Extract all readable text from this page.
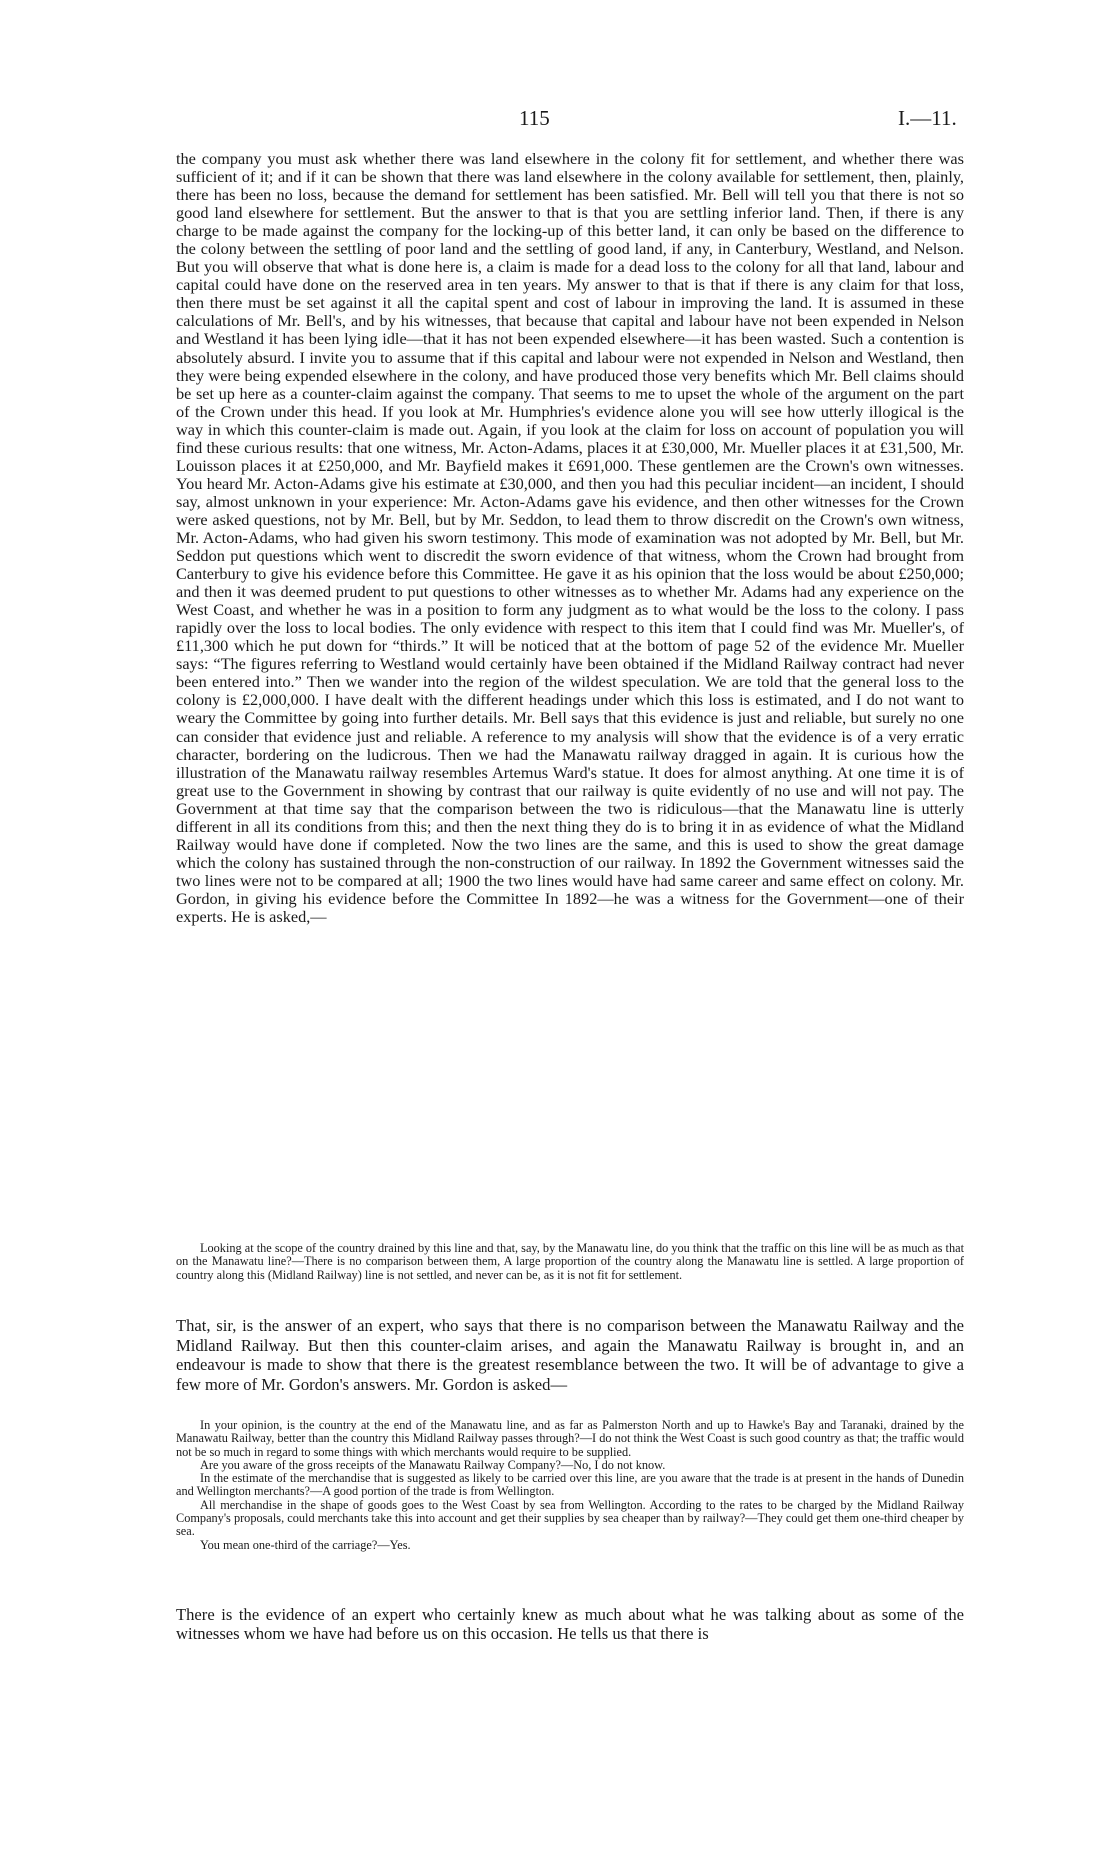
115	I.—11.

the company you must ask whether there was land elsewhere in the colony fit for settlement, and whether there was sufficient of it; and if it can be shown that there was land elsewhere in the colony available for settlement, then, plainly, there has been no loss, because the demand for settlement has been satisfied. Mr. Bell will tell you that there is not so good land elsewhere for settlement. But the answer to that is that you are settling inferior land. Then, if there is any charge to be made against the company for the locking-up of this better land, it can only be based on the difference to the colony between the settling of poor land and the settling of good land, if any, in Canterbury, Westland, and Nelson. But you will observe that what is done here is, a claim is made for a dead loss to the colony for all that land, labour and capital could have done on the reserved area in ten years. My answer to that is that if there is any claim for that loss, then there must be set against it all the capital spent and cost of labour in improving the land. It is assumed in these calculations of Mr. Bell's, and by his witnesses, that because that capital and labour have not been expended in Nelson and Westland it has been lying idle—that it has not been expended elsewhere—it has been wasted. Such a contention is absolutely absurd. I invite you to assume that if this capital and labour were not expended in Nelson and Westland, then they were being expended elsewhere in the colony, and have produced those very benefits which Mr. Bell claims should be set up here as a counter-claim against the company. That seems to me to upset the whole of the argument on the part of the Crown under this head. If you look at Mr. Humphries's evidence alone you will see how utterly illogical is the way in which this counter-claim is made out. Again, if you look at the claim for loss on account of population you will find these curious results: that one witness, Mr. Acton-Adams, places it at £30,000, Mr. Mueller places it at £31,500, Mr. Louisson places it at £250,000, and Mr. Bayfield makes it £691,000. These gentlemen are the Crown's own witnesses. You heard Mr. Acton-Adams give his estimate at £30,000, and then you had this peculiar incident—an incident, I should say, almost unknown in your experience: Mr. Acton-Adams gave his evidence, and then other witnesses for the Crown were asked questions, not by Mr. Bell, but by Mr. Seddon, to lead them to throw discredit on the Crown's own witness, Mr. Acton-Adams, who had given his sworn testimony. This mode of examination was not adopted by Mr. Bell, but Mr. Seddon put questions which went to discredit the sworn evidence of that witness, whom the Crown had brought from Canterbury to give his evidence before this Committee. He gave it as his opinion that the loss would be about £250,000; and then it was deemed prudent to put questions to other witnesses as to whether Mr. Adams had any experience on the West Coast, and whether he was in a position to form any judgment as to what would be the loss to the colony. I pass rapidly over the loss to local bodies. The only evidence with respect to this item that I could find was Mr. Mueller's, of £11,300 which he put down for “thirds.” It will be noticed that at the bottom of page 52 of the evidence Mr. Mueller says: “The figures referring to Westland would certainly have been obtained if the Midland Railway contract had never been entered into.” Then we wander into the region of the wildest speculation. We are told that the general loss to the colony is £2,000,000. I have dealt with the different headings under which this loss is estimated, and I do not want to weary the Committee by going into further details. Mr. Bell says that this evidence is just and reliable, but surely no one can consider that evidence just and reliable. A reference to my analysis will show that the evidence is of a very erratic character, bordering on the ludicrous. Then we had the Manawatu railway dragged in again. It is curious how the illustration of the Manawatu railway resembles Artemus Ward's statue. It does for almost anything. At one time it is of great use to the Government in showing by contrast that our railway is quite evidently of no use and will not pay. The Government at that time say that the comparison between the two is ridiculous—that the Manawatu line is utterly different in all its conditions from this; and then the next thing they do is to bring it in as evidence of what the Midland Railway would have done if completed. Now the two lines are the same, and this is used to show the great damage which the colony has sustained through the non-construction of our railway. In 1892 the Government witnesses said the two lines were not to be compared at all; 1900 the two lines would have had same career and same effect on colony. Mr. Gordon, in giving his evidence before the Committee In 1892—he was a witness for the Government—one of their experts. He is asked,—

Looking at the scope of the country drained by this line and that, say, by the Manawatu line, do you think that the traffic on this line will be as much as that on the Manawatu line?—There is no comparison between them, A large proportion of the country along the Manawatu line is settled. A large proportion of country along this (Midland Railway) line is not settled, and never can be, as it is not fit for settlement.

That, sir, is the answer of an expert, who says that there is no comparison between the Manawatu Railway and the Midland Railway. But then this counter-claim arises, and again the Manawatu Railway is brought in, and an endeavour is made to show that there is the greatest resemblance between the two. It will be of advantage to give a few more of Mr. Gordon's answers. Mr. Gordon is asked—

In your opinion, is the country at the end of the Manawatu line, and as far as Palmerston North and up to Hawke's Bay and Taranaki, drained by the Manawatu Railway, better than the country this Midland Railway passes through?—I do not think the West Coast is such good country as that; the traffic would not be so much in regard to some things with which merchants would require to be supplied.

Are you aware of the gross receipts of the Manawatu Railway Company?—No, I do not know.

In the estimate of the merchandise that is suggested as likely to be carried over this line, are you aware that the trade is at present in the hands of Dunedin and Wellington merchants?—A good portion of the trade is from Wellington.

All merchandise in the shape of goods goes to the West Coast by sea from Wellington. According to the rates to be charged by the Midland Railway Company's proposals, could merchants take this into account and get their supplies by sea cheaper than by railway?—They could get them one-third cheaper by sea.

You mean one-third of the carriage?—Yes.

There is the evidence of an expert who certainly knew as much about what he was talking about as some of the witnesses whom we have had before us on this occasion. He tells us that there is
